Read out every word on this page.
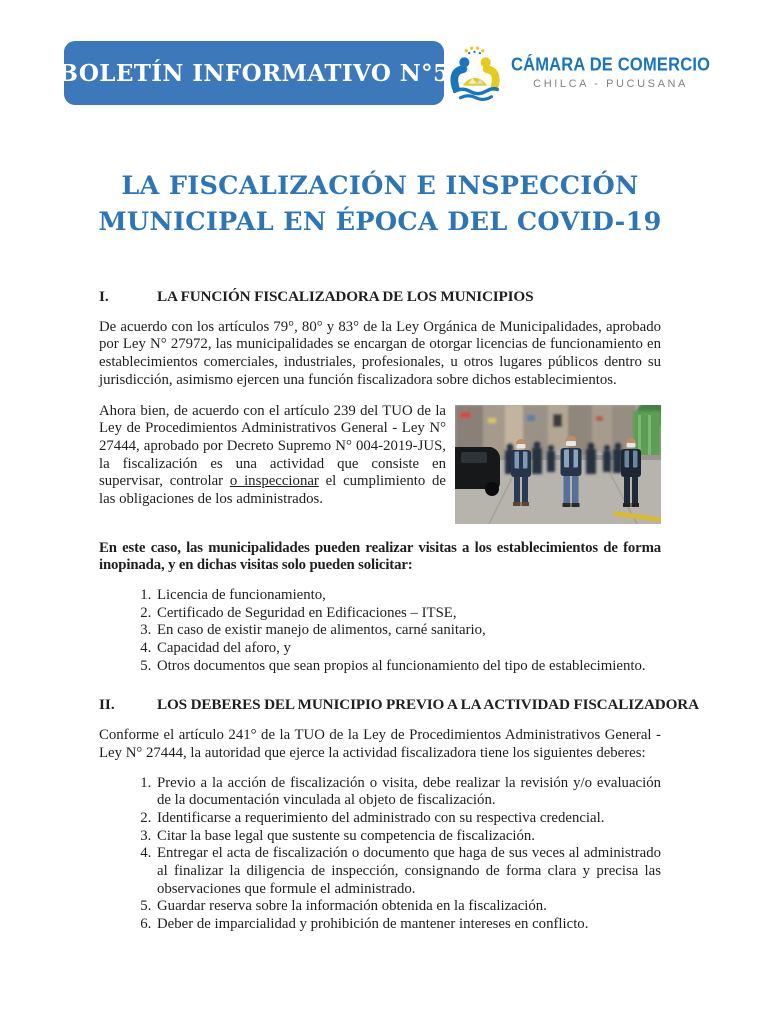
BOLETÍN INFORMATIVO N°5	CÁMARA DE COMERCIO
CHILCA - PUCUSANA
LA FISCALIZACIÓN E INSPECCIÓN
MUNICIPAL EN ÉPOCA DEL COVID-19
I.	LA FUNCIÓN FISCALIZADORA DE LOS MUNICIPIOS

De acuerdo con los artículos 79°, 80° y 83° de la Ley Orgánica de Municipalidades, aprobado por Ley N° 27972, las municipalidades se encargan de otorgar licencias de funcionamiento en establecimientos comerciales, industriales, profesionales, u otros lugares públicos dentro su jurisdicción, asimismo ejercen una función fiscalizadora sobre dichos establecimientos.

Ahora bien, de acuerdo con el artículo 239 del TUO de la Ley de Procedimientos Administrativos General - Ley N° 27444, aprobado por Decreto Supremo N° 004-2019-JUS, la fiscalización es una actividad que consiste en supervisar, controlar o inspeccionar el cumplimiento de las obligaciones de los administrados.

En este caso, las municipalidades pueden realizar visitas a los establecimientos de forma inopinada, y en dichas visitas solo pueden solicitar:

1. Licencia de funcionamiento,
2. Certificado de Seguridad en Edificaciones – ITSE,
3. En caso de existir manejo de alimentos, carné sanitario,
4. Capacidad del aforo, y
5. Otros documentos que sean propios al funcionamiento del tipo de establecimiento.
II.	LOS DEBERES DEL MUNICIPIO PREVIO A LA ACTIVIDAD FISCALIZADORA

Conforme el artículo 241° de la TUO de la Ley de Procedimientos Administrativos General - Ley N° 27444, la autoridad que ejerce la actividad fiscalizadora tiene los siguientes deberes:

1. Previo a la acción de fiscalización o visita, debe realizar la revisión y/o evaluación de la documentación vinculada al objeto de fiscalización.
2. Identificarse a requerimiento del administrado con su respectiva credencial.
3. Citar la base legal que sustente su competencia de fiscalización.
4. Entregar el acta de fiscalización o documento que haga de sus veces al administrado al finalizar la diligencia de inspección, consignando de forma clara y precisa las observaciones que formule el administrado.
5. Guardar reserva sobre la información obtenida en la fiscalización.
6. Deber de imparcialidad y prohibición de mantener intereses en conflicto.
